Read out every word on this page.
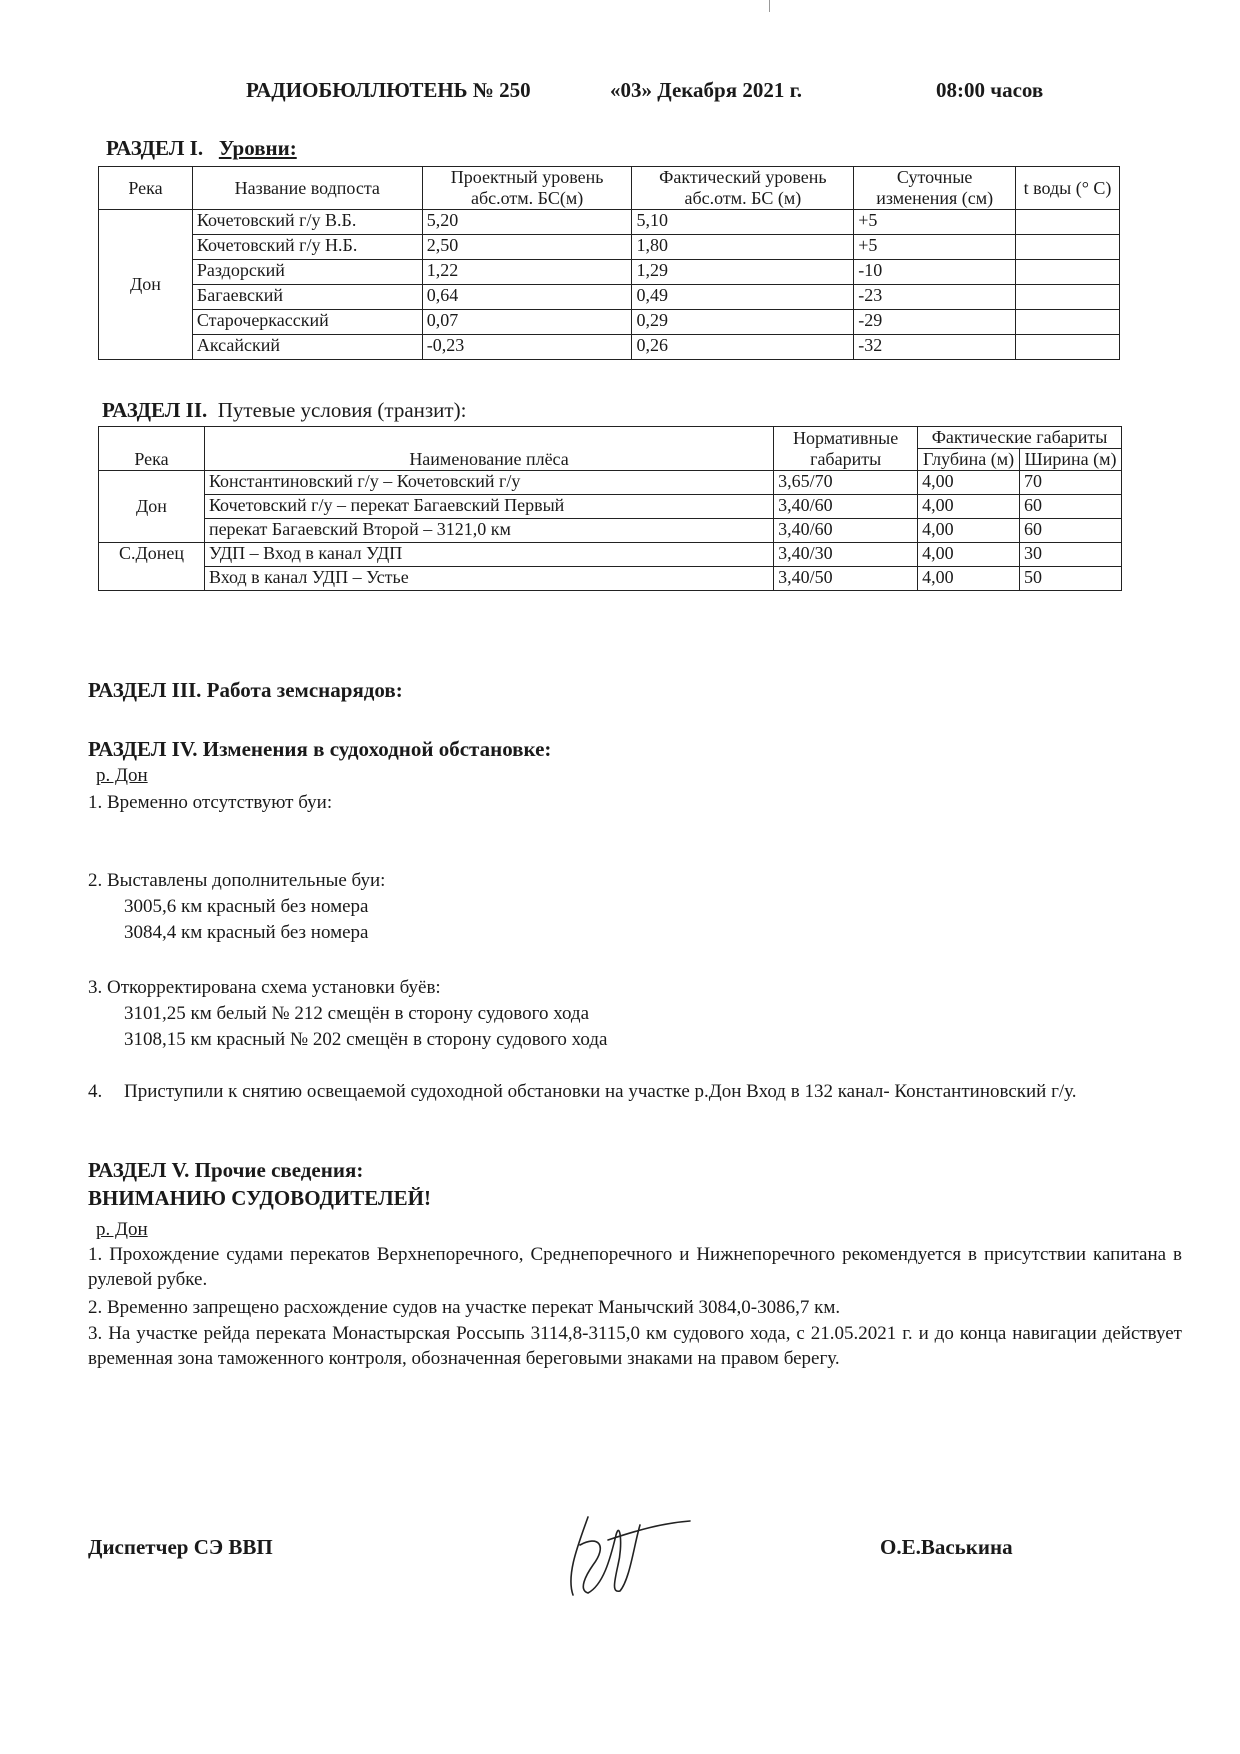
РАДИОБЮЛЛЮТЕНЬ № 250	«03» Декабря 2021 г.	08:00 часов
РАЗДЕЛ I. Уровни:
Река	Название водпоста	Проектный уровень абс.отм. БС(м)	Фактический уровень абс.отм. БС (м)	Суточные изменения (см)	t воды (° C)
Дон	Кочетовский г/у В.Б.	5,20	5,10	+5	
	Кочетовский г/у Н.Б.	2,50	1,80	+5	
	Раздорский	1,22	1,29	-10	
	Багаевский	0,64	0,49	-23	
	Старочеркасский	0,07	0,29	-29	
	Аксайский	-0,23	0,26	-32	
РАЗДЕЛ II. Путевые условия (транзит):
Река	Наименование плёса	Нормативные габариты	Фактические габариты	
			Глубина (м)	Ширина (м)
Дон	Константиновский г/у – Кочетовский г/у	3,65/70	4,00	70
	Кочетовский г/у – перекат Багаевский Первый	3,40/60	4,00	60
	перекат Багаевский Второй – 3121,0 км	3,40/60	4,00	60
С.Донец	УДП – Вход в канал УДП	3,40/30	4,00	30
	Вход в канал УДП – Устье	3,40/50	4,00	50
РАЗДЕЛ III. Работа земснарядов:
РАЗДЕЛ IV. Изменения в судоходной обстановке:
р. Дон
1. Временно отсутствуют буи:
2. Выставлены дополнительные буи:
3005,6 км красный без номера
3084,4 км красный без номера
3. Откорректирована схема установки буёв:
3101,25 км белый № 212 смещён в сторону судового хода
3108,15 км красный № 202 смещён в сторону судового хода
4. Приступили к снятию освещаемой судоходной обстановки на участке р.Дон Вход в 132 канал- Константиновский г/у.
РАЗДЕЛ V. Прочие сведения:
ВНИМАНИЮ СУДОВОДИТЕЛЕЙ!
р. Дон
1. Прохождение судами перекатов Верхнепоречного, Среднепоречного и Нижнепоречного рекомендуется в присутствии капитана в рулевой рубке.
2. Временно запрещено расхождение судов на участке перекат Манычский 3084,0-3086,7 км.
3. На участке рейда переката Монастырская Россыпь 3114,8-3115,0 км судового хода, с 21.05.2021 г. и до конца навигации действует временная зона таможенного контроля, обозначенная береговыми знаками на правом берегу.
Диспетчер СЭ ВВП	О.Е.Васькина
